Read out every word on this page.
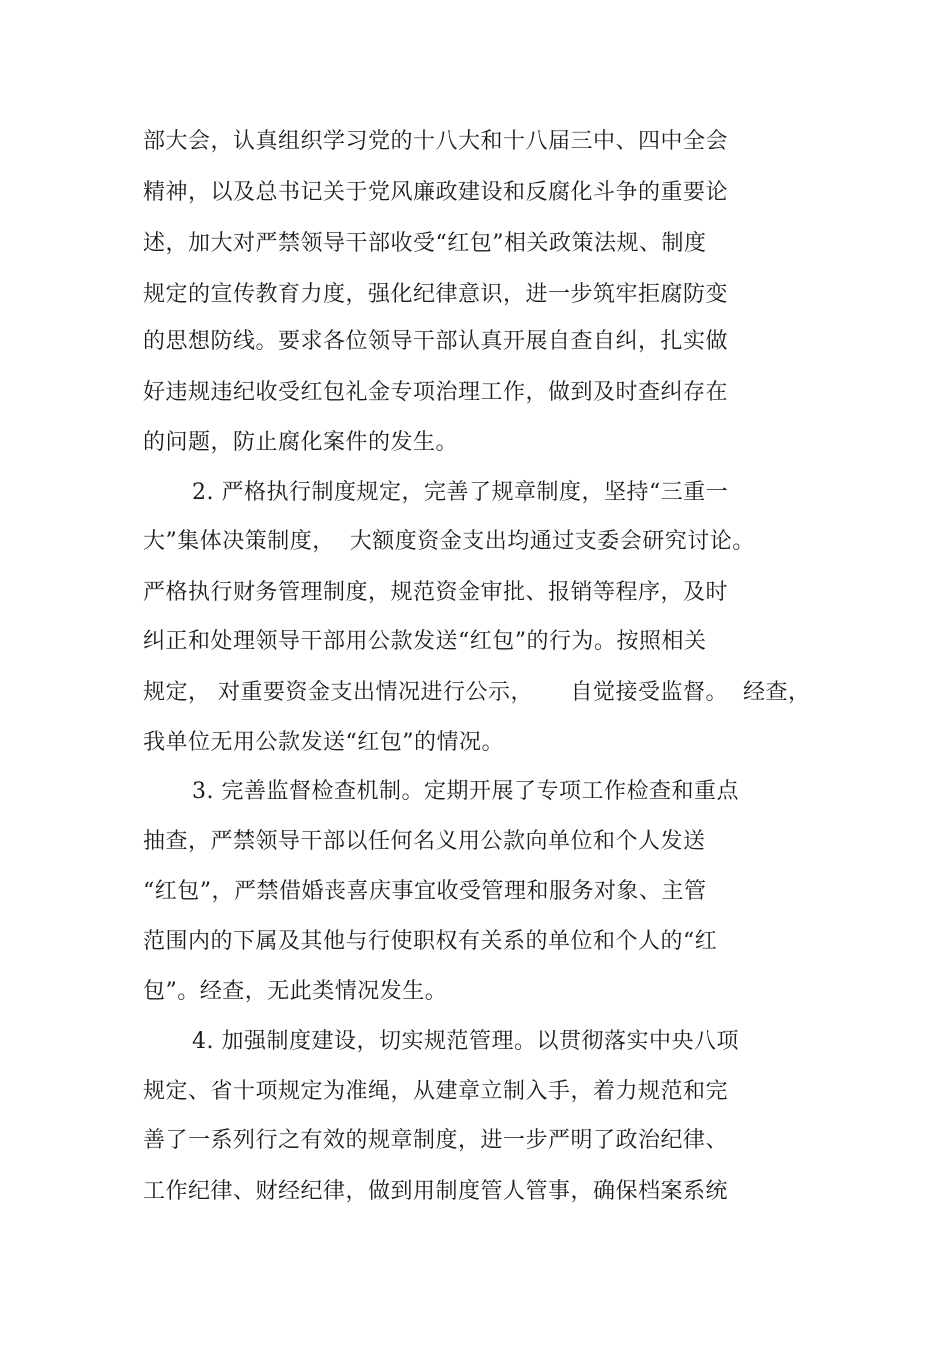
部大会，认真组织学习党的十八大和十八届三中、四中全会
精神，以及总书记关于党风廉政建设和反腐化斗争的重要论
述，加大对严禁领导干部收受“红包”相关政策法规、制度
规定的宣传教育力度，强化纪律意识，进一步筑牢拒腐防变
的思想防线。要求各位领导干部认真开展自查自纠，扎实做
好违规违纪收受红包礼金专项治理工作，做到及时查纠存在
的问题，防止腐化案件的发生。
2. 严格执行制度规定，完善了规章制度，坚持“三重一
大”集体决策制度，  大额度资金支出均通过支委会研究讨论。
严格执行财务管理制度，规范资金审批、报销等程序，及时
纠正和处理领导干部用公款发送“红包”的行为。按照相关
规定， 对重要资金支出情况进行公示，     自觉接受监督。  经查，
我单位无用公款发送“红包”的情况。
3. 完善监督检查机制。定期开展了专项工作检查和重点
抽查，严禁领导干部以任何名义用公款向单位和个人发送
“红包”，严禁借婚丧喜庆事宜收受管理和服务对象、主管
范围内的下属及其他与行使职权有关系的单位和个人的“红
包”。经查，无此类情况发生。
4. 加强制度建设，切实规范管理。以贯彻落实中央八项
规定、省十项规定为准绳，从建章立制入手，着力规范和完
善了一系列行之有效的规章制度，进一步严明了政治纪律、
工作纪律、财经纪律，做到用制度管人管事，确保档案系统
